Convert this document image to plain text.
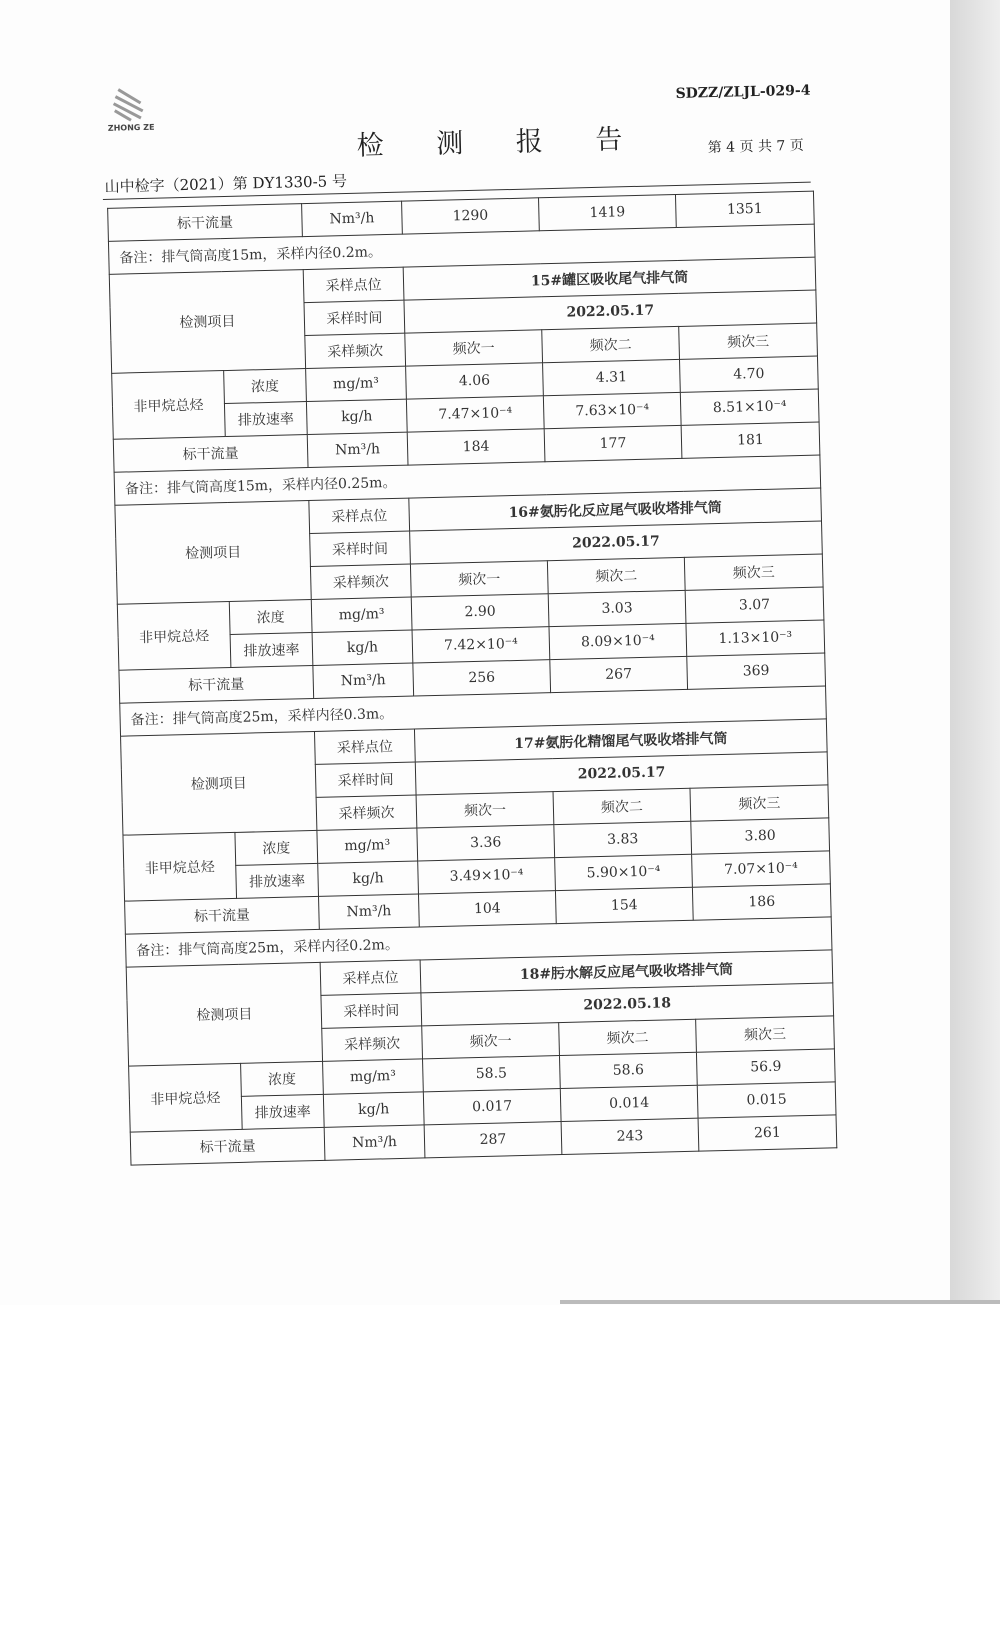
ZHONG ZE
SDZZ/ZLJL-029-4
检 测 报 告	第 4 页 共 7 页
山中检字（2021）第 DY1330-5 号
标干流量		Nm³/h	1290	1419	1351
备注：排气筒高度15m，采样内径0.2m。					
检测项目		采样点位	15#罐区吸收尾气排气筒		
		采样时间	2022.05.17		
		采样频次	频次一	频次二	频次三
非甲烷总烃	浓度	mg/m³	4.06	4.31	4.70
	排放速率	kg/h	7.47×10⁻⁴	7.63×10⁻⁴	8.51×10⁻⁴
标干流量		Nm³/h	184	177	181
备注：排气筒高度15m，采样内径0.25m。					
检测项目		采样点位	16#氨肟化反应尾气吸收塔排气筒		
		采样时间	2022.05.17		
		采样频次	频次一	频次二	频次三
非甲烷总烃	浓度	mg/m³	2.90	3.03	3.07
	排放速率	kg/h	7.42×10⁻⁴	8.09×10⁻⁴	1.13×10⁻³
标干流量		Nm³/h	256	267	369
备注：排气筒高度25m，采样内径0.3m。					
检测项目		采样点位	17#氨肟化精馏尾气吸收塔排气筒		
		采样时间	2022.05.17		
		采样频次	频次一	频次二	频次三
非甲烷总烃	浓度	mg/m³	3.36	3.83	3.80
	排放速率	kg/h	3.49×10⁻⁴	5.90×10⁻⁴	7.07×10⁻⁴
标干流量		Nm³/h	104	154	186
备注：排气筒高度25m，采样内径0.2m。					
检测项目		采样点位	18#肟水解反应尾气吸收塔排气筒		
		采样时间	2022.05.18		
		采样频次	频次一	频次二	频次三
非甲烷总烃	浓度	mg/m³	58.5	58.6	56.9
	排放速率	kg/h	0.017	0.014	0.015
标干流量		Nm³/h	287	243	261
